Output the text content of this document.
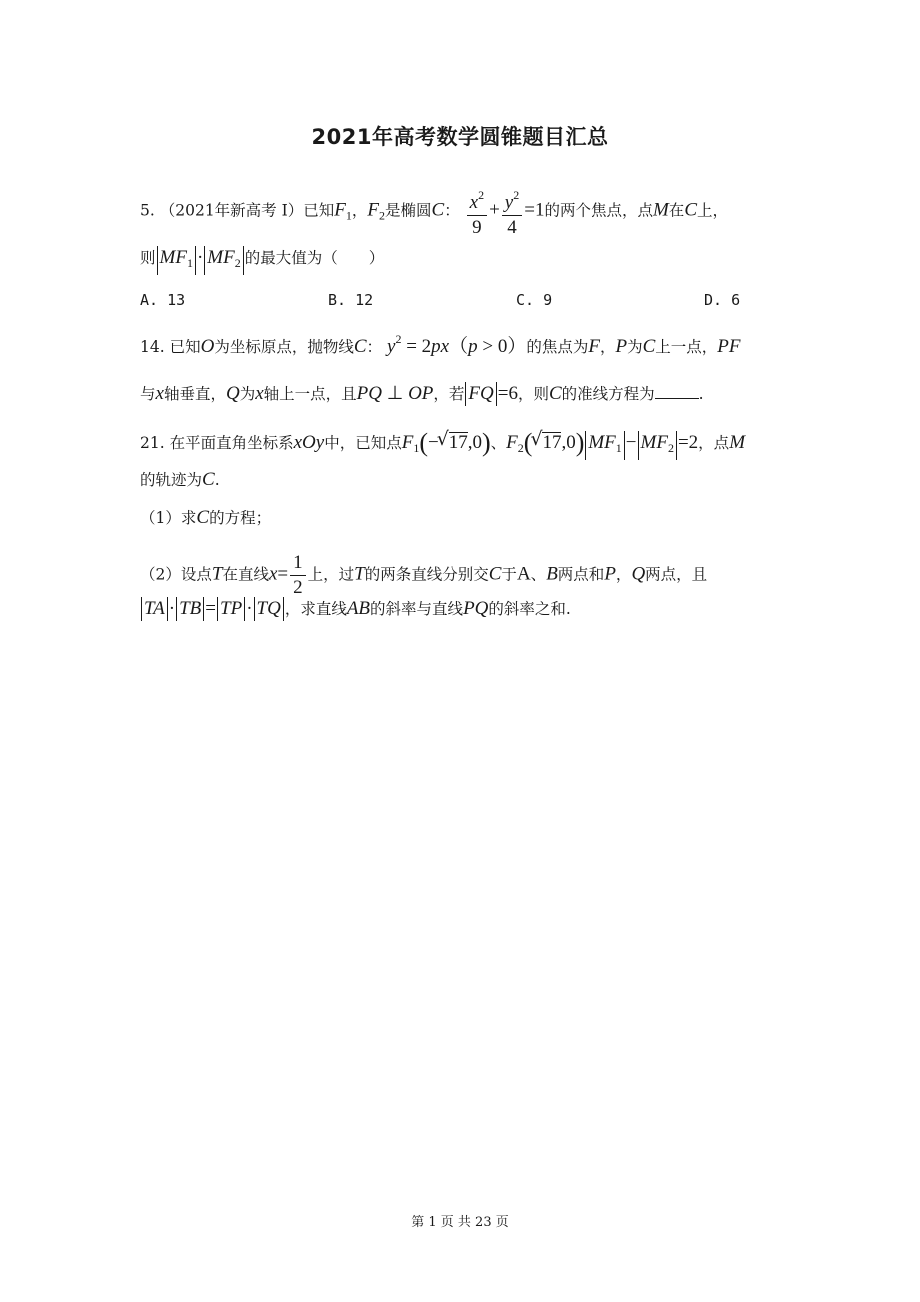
2021年高考数学圆锥题目汇总
5. （2021年新高考 I）已知$F_1$，$F_2$是椭圆C： $\frac{x^2}{9} + \frac{y^2}{4} =1$的两个焦点，点M在C上，
则 $MF_1 \cdot MF_2$ 的最大值为（　　）
A. 13	B. 12	C. 9	D. 6
14. 已知O为坐标原点，抛物线C： $y^2 = 2px(p > 0)$的焦点为F，P为C上一点，PF
与x轴垂直，Q为x轴上一点，且PQ ⊥ OP，若 FQ =6，则C的准线方程为	.
21. 在平面直角坐标系xOy中，已知点$F_1(-√$ 17,0)、$F_2(√$ 17,0) $MF_1 - MF_2 =2$，点M
的轨迹为C.
（1）求C的方程；
（2）设点T在直线$x= \frac{1}{2}$ 上，过T的两条直线分别交C于A、B两点和P，Q两点，且
TA · TB = TP · TQ ，求直线AB的斜率与直线PQ的斜率之和.
第 1 页 共 23 页
